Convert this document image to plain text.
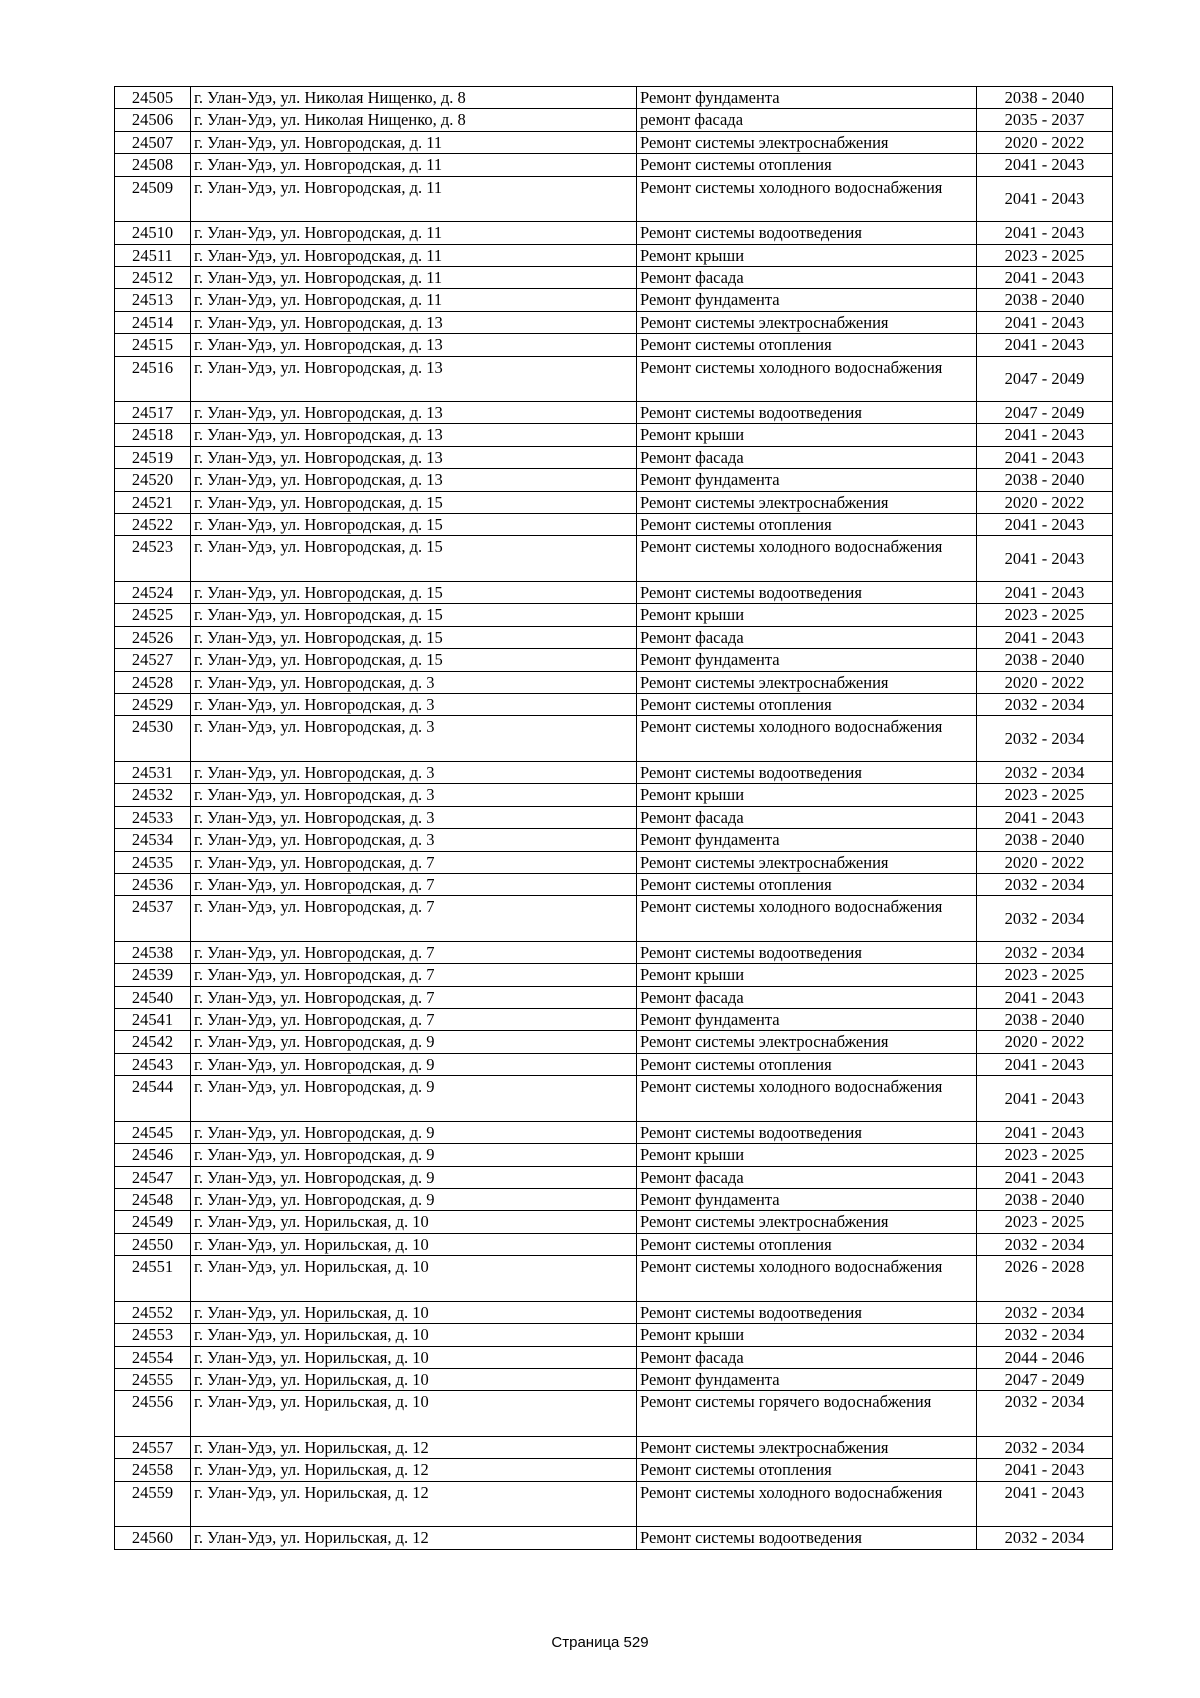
24505	г. Улан-Удэ, ул. Николая Нищенко, д. 8	Ремонт фундамента	2038 - 2040
24506	г. Улан-Удэ, ул. Николая Нищенко, д. 8	ремонт фасада	2035 - 2037
24507	г. Улан-Удэ, ул. Новгородская, д. 11	Ремонт системы электроснабжения	2020 - 2022
24508	г. Улан-Удэ, ул. Новгородская, д. 11	Ремонт системы отопления	2041 - 2043
24509	г. Улан-Удэ, ул. Новгородская, д. 11	Ремонт системы холодного водоснабжения	2041 - 2043
24510	г. Улан-Удэ, ул. Новгородская, д. 11	Ремонт системы водоотведения	2041 - 2043
24511	г. Улан-Удэ, ул. Новгородская, д. 11	Ремонт крыши	2023 - 2025
24512	г. Улан-Удэ, ул. Новгородская, д. 11	Ремонт фасада	2041 - 2043
24513	г. Улан-Удэ, ул. Новгородская, д. 11	Ремонт фундамента	2038 - 2040
24514	г. Улан-Удэ, ул. Новгородская, д. 13	Ремонт системы электроснабжения	2041 - 2043
24515	г. Улан-Удэ, ул. Новгородская, д. 13	Ремонт системы отопления	2041 - 2043
24516	г. Улан-Удэ, ул. Новгородская, д. 13	Ремонт системы холодного водоснабжения	2047 - 2049
24517	г. Улан-Удэ, ул. Новгородская, д. 13	Ремонт системы водоотведения	2047 - 2049
24518	г. Улан-Удэ, ул. Новгородская, д. 13	Ремонт крыши	2041 - 2043
24519	г. Улан-Удэ, ул. Новгородская, д. 13	Ремонт фасада	2041 - 2043
24520	г. Улан-Удэ, ул. Новгородская, д. 13	Ремонт фундамента	2038 - 2040
24521	г. Улан-Удэ, ул. Новгородская, д. 15	Ремонт системы электроснабжения	2020 - 2022
24522	г. Улан-Удэ, ул. Новгородская, д. 15	Ремонт системы отопления	2041 - 2043
24523	г. Улан-Удэ, ул. Новгородская, д. 15	Ремонт системы холодного водоснабжения	2041 - 2043
24524	г. Улан-Удэ, ул. Новгородская, д. 15	Ремонт системы водоотведения	2041 - 2043
24525	г. Улан-Удэ, ул. Новгородская, д. 15	Ремонт крыши	2023 - 2025
24526	г. Улан-Удэ, ул. Новгородская, д. 15	Ремонт фасада	2041 - 2043
24527	г. Улан-Удэ, ул. Новгородская, д. 15	Ремонт фундамента	2038 - 2040
24528	г. Улан-Удэ, ул. Новгородская, д. 3	Ремонт системы электроснабжения	2020 - 2022
24529	г. Улан-Удэ, ул. Новгородская, д. 3	Ремонт системы отопления	2032 - 2034
24530	г. Улан-Удэ, ул. Новгородская, д. 3	Ремонт системы холодного водоснабжения	2032 - 2034
24531	г. Улан-Удэ, ул. Новгородская, д. 3	Ремонт системы водоотведения	2032 - 2034
24532	г. Улан-Удэ, ул. Новгородская, д. 3	Ремонт крыши	2023 - 2025
24533	г. Улан-Удэ, ул. Новгородская, д. 3	Ремонт фасада	2041 - 2043
24534	г. Улан-Удэ, ул. Новгородская, д. 3	Ремонт фундамента	2038 - 2040
24535	г. Улан-Удэ, ул. Новгородская, д. 7	Ремонт системы электроснабжения	2020 - 2022
24536	г. Улан-Удэ, ул. Новгородская, д. 7	Ремонт системы отопления	2032 - 2034
24537	г. Улан-Удэ, ул. Новгородская, д. 7	Ремонт системы холодного водоснабжения	2032 - 2034
24538	г. Улан-Удэ, ул. Новгородская, д. 7	Ремонт системы водоотведения	2032 - 2034
24539	г. Улан-Удэ, ул. Новгородская, д. 7	Ремонт крыши	2023 - 2025
24540	г. Улан-Удэ, ул. Новгородская, д. 7	Ремонт фасада	2041 - 2043
24541	г. Улан-Удэ, ул. Новгородская, д. 7	Ремонт фундамента	2038 - 2040
24542	г. Улан-Удэ, ул. Новгородская, д. 9	Ремонт системы электроснабжения	2020 - 2022
24543	г. Улан-Удэ, ул. Новгородская, д. 9	Ремонт системы отопления	2041 - 2043
24544	г. Улан-Удэ, ул. Новгородская, д. 9	Ремонт системы холодного водоснабжения	2041 - 2043
24545	г. Улан-Удэ, ул. Новгородская, д. 9	Ремонт системы водоотведения	2041 - 2043
24546	г. Улан-Удэ, ул. Новгородская, д. 9	Ремонт крыши	2023 - 2025
24547	г. Улан-Удэ, ул. Новгородская, д. 9	Ремонт фасада	2041 - 2043
24548	г. Улан-Удэ, ул. Новгородская, д. 9	Ремонт фундамента	2038 - 2040
24549	г. Улан-Удэ, ул. Норильская, д. 10	Ремонт системы электроснабжения	2023 - 2025
24550	г. Улан-Удэ, ул. Норильская, д. 10	Ремонт системы отопления	2032 - 2034
24551	г. Улан-Удэ, ул. Норильская, д. 10	Ремонт системы холодного водоснабжения	2026 - 2028
24552	г. Улан-Удэ, ул. Норильская, д. 10	Ремонт системы водоотведения	2032 - 2034
24553	г. Улан-Удэ, ул. Норильская, д. 10	Ремонт крыши	2032 - 2034
24554	г. Улан-Удэ, ул. Норильская, д. 10	Ремонт фасада	2044 - 2046
24555	г. Улан-Удэ, ул. Норильская, д. 10	Ремонт фундамента	2047 - 2049
24556	г. Улан-Удэ, ул. Норильская, д. 10	Ремонт системы горячего водоснабжения	2032 - 2034
24557	г. Улан-Удэ, ул. Норильская, д. 12	Ремонт системы электроснабжения	2032 - 2034
24558	г. Улан-Удэ, ул. Норильская, д. 12	Ремонт системы отопления	2041 - 2043
24559	г. Улан-Удэ, ул. Норильская, д. 12	Ремонт системы холодного водоснабжения	2041 - 2043
24560	г. Улан-Удэ, ул. Норильская, д. 12	Ремонт системы водоотведения	2032 - 2034
Страница 529
